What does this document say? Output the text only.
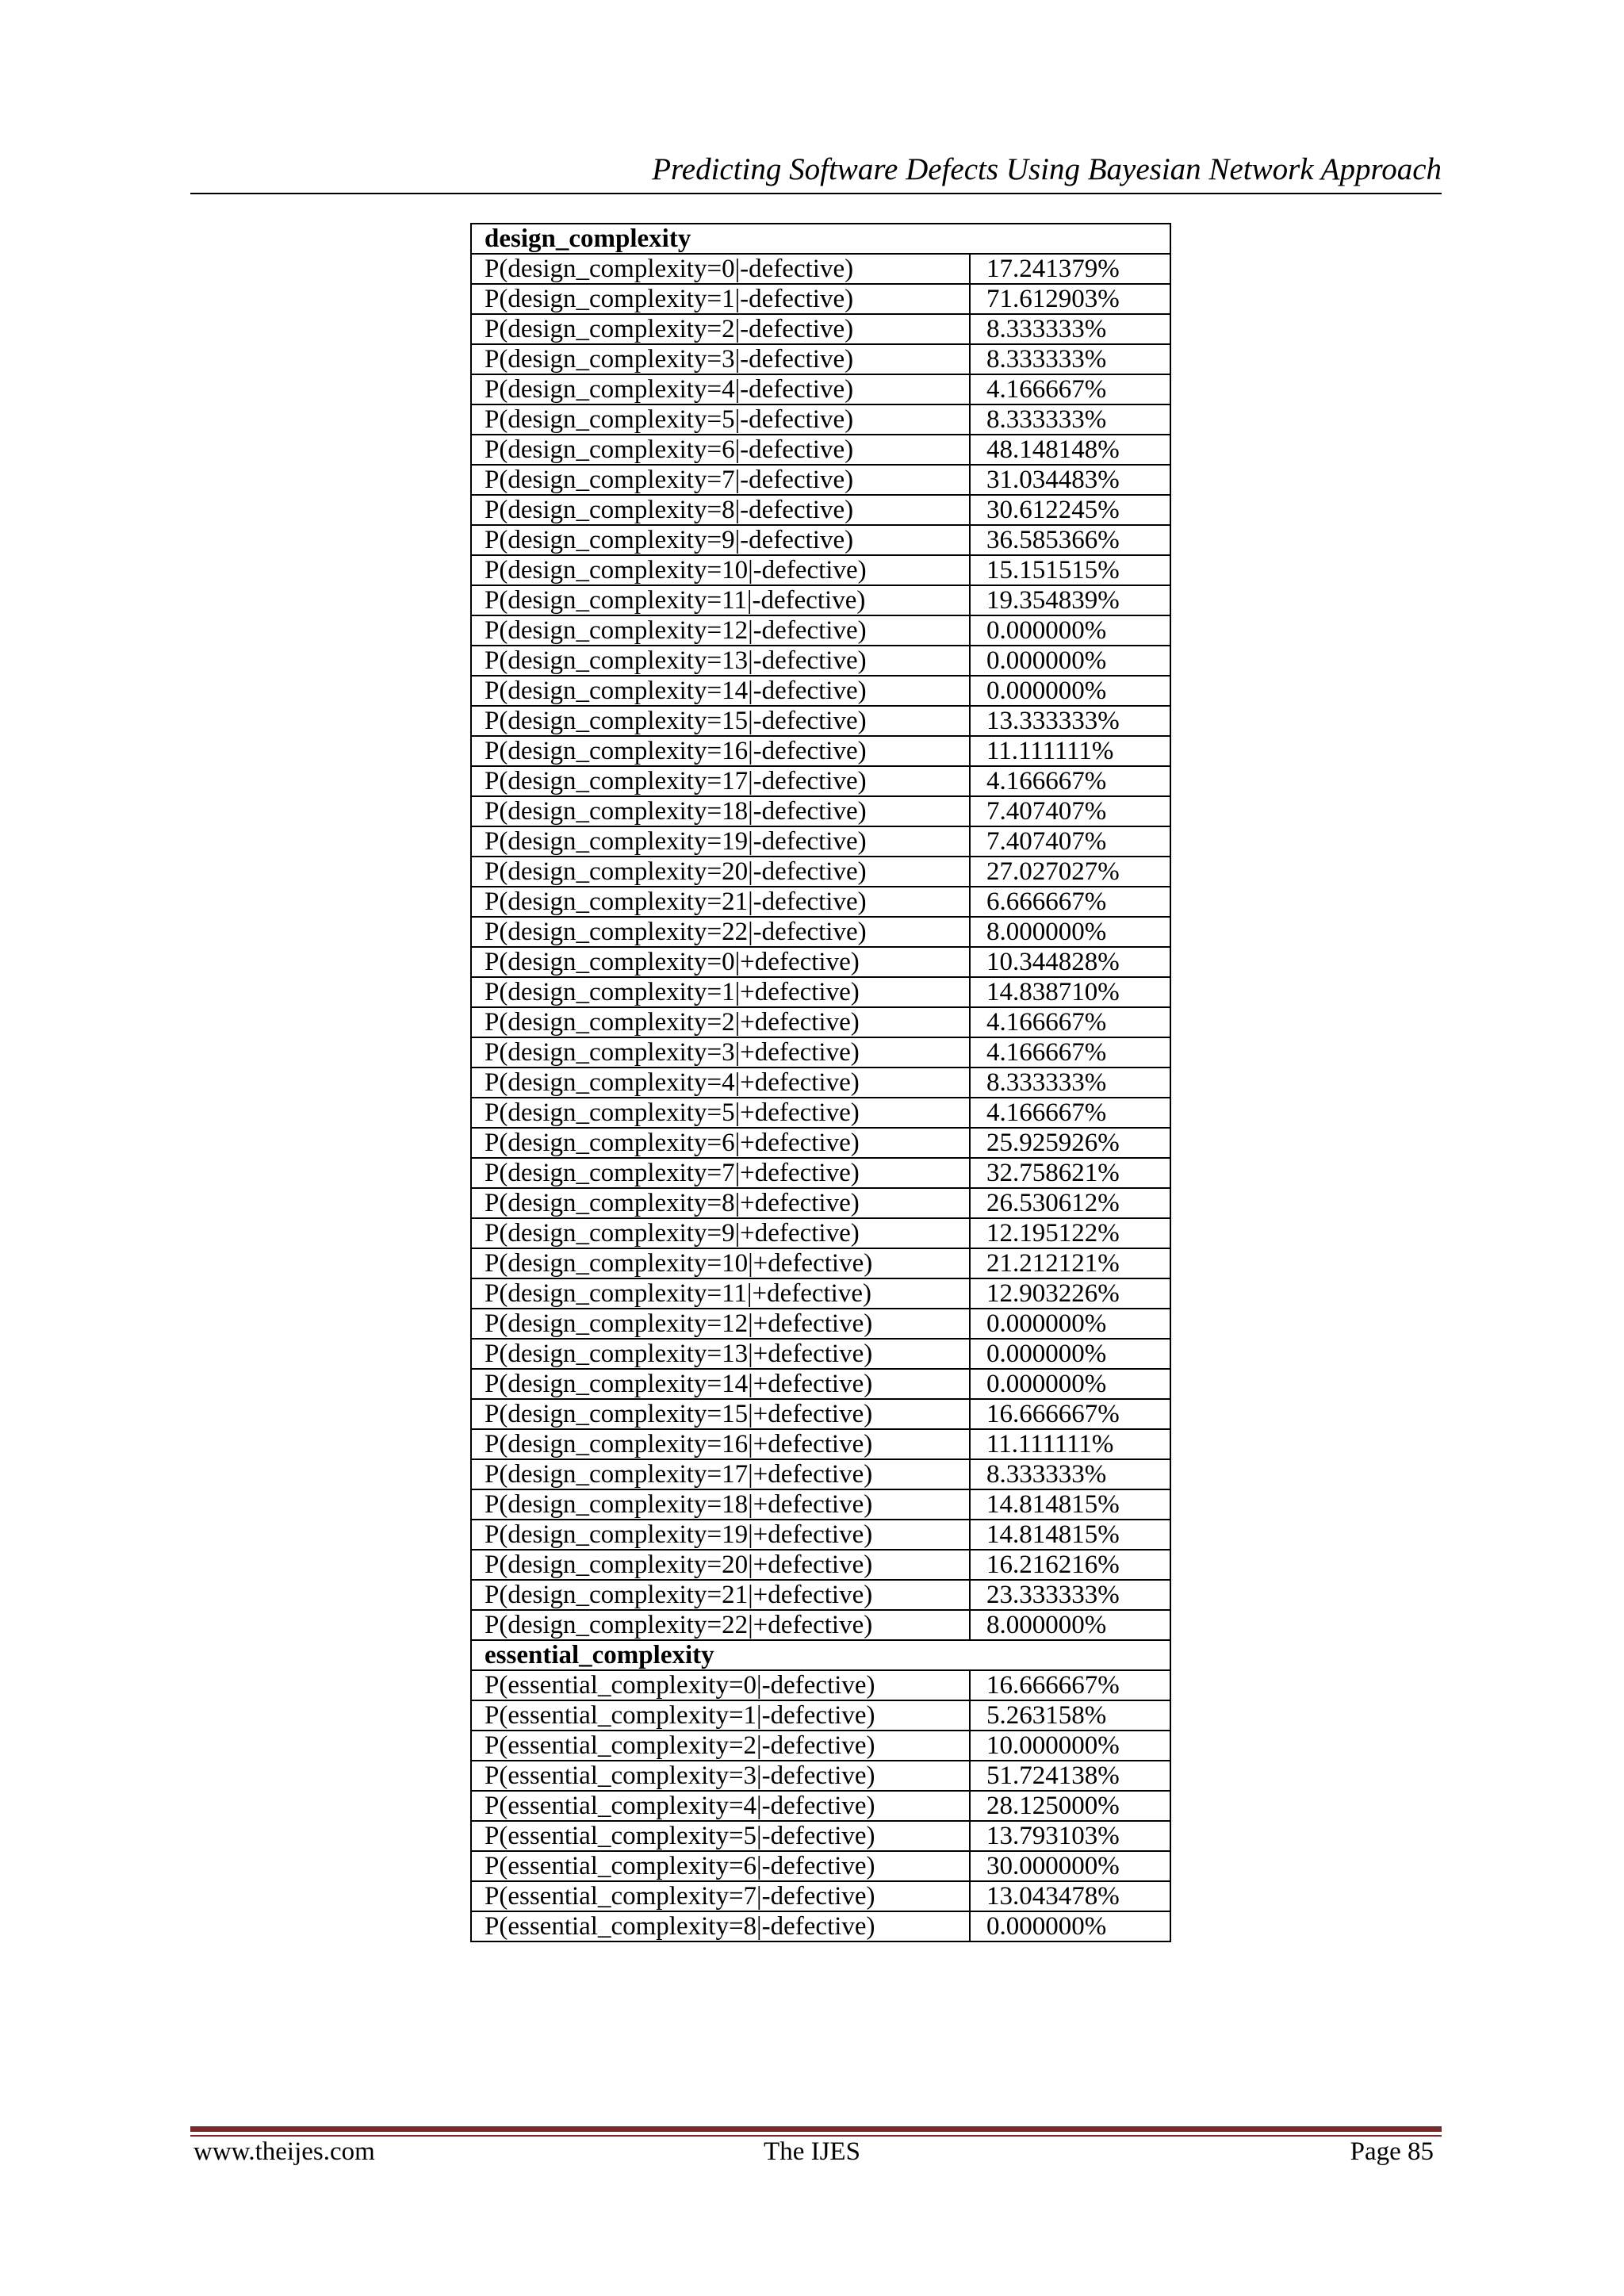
Predicting Software Defects Using Bayesian Network Approach
design_complexity	
P(design_complexity=0|-defective)	17.241379%
P(design_complexity=1|-defective)	71.612903%
P(design_complexity=2|-defective)	8.333333%
P(design_complexity=3|-defective)	8.333333%
P(design_complexity=4|-defective)	4.166667%
P(design_complexity=5|-defective)	8.333333%
P(design_complexity=6|-defective)	48.148148%
P(design_complexity=7|-defective)	31.034483%
P(design_complexity=8|-defective)	30.612245%
P(design_complexity=9|-defective)	36.585366%
P(design_complexity=10|-defective)	15.151515%
P(design_complexity=11|-defective)	19.354839%
P(design_complexity=12|-defective)	0.000000%
P(design_complexity=13|-defective)	0.000000%
P(design_complexity=14|-defective)	0.000000%
P(design_complexity=15|-defective)	13.333333%
P(design_complexity=16|-defective)	11.111111%
P(design_complexity=17|-defective)	4.166667%
P(design_complexity=18|-defective)	7.407407%
P(design_complexity=19|-defective)	7.407407%
P(design_complexity=20|-defective)	27.027027%
P(design_complexity=21|-defective)	6.666667%
P(design_complexity=22|-defective)	8.000000%
P(design_complexity=0|+defective)	10.344828%
P(design_complexity=1|+defective)	14.838710%
P(design_complexity=2|+defective)	4.166667%
P(design_complexity=3|+defective)	4.166667%
P(design_complexity=4|+defective)	8.333333%
P(design_complexity=5|+defective)	4.166667%
P(design_complexity=6|+defective)	25.925926%
P(design_complexity=7|+defective)	32.758621%
P(design_complexity=8|+defective)	26.530612%
P(design_complexity=9|+defective)	12.195122%
P(design_complexity=10|+defective)	21.212121%
P(design_complexity=11|+defective)	12.903226%
P(design_complexity=12|+defective)	0.000000%
P(design_complexity=13|+defective)	0.000000%
P(design_complexity=14|+defective)	0.000000%
P(design_complexity=15|+defective)	16.666667%
P(design_complexity=16|+defective)	11.111111%
P(design_complexity=17|+defective)	8.333333%
P(design_complexity=18|+defective)	14.814815%
P(design_complexity=19|+defective)	14.814815%
P(design_complexity=20|+defective)	16.216216%
P(design_complexity=21|+defective)	23.333333%
P(design_complexity=22|+defective)	8.000000%
essential_complexity	
P(essential_complexity=0|-defective)	16.666667%
P(essential_complexity=1|-defective)	5.263158%
P(essential_complexity=2|-defective)	10.000000%
P(essential_complexity=3|-defective)	51.724138%
P(essential_complexity=4|-defective)	28.125000%
P(essential_complexity=5|-defective)	13.793103%
P(essential_complexity=6|-defective)	30.000000%
P(essential_complexity=7|-defective)	13.043478%
P(essential_complexity=8|-defective)	0.000000%
www.theijes.com	The IJES	Page 85
